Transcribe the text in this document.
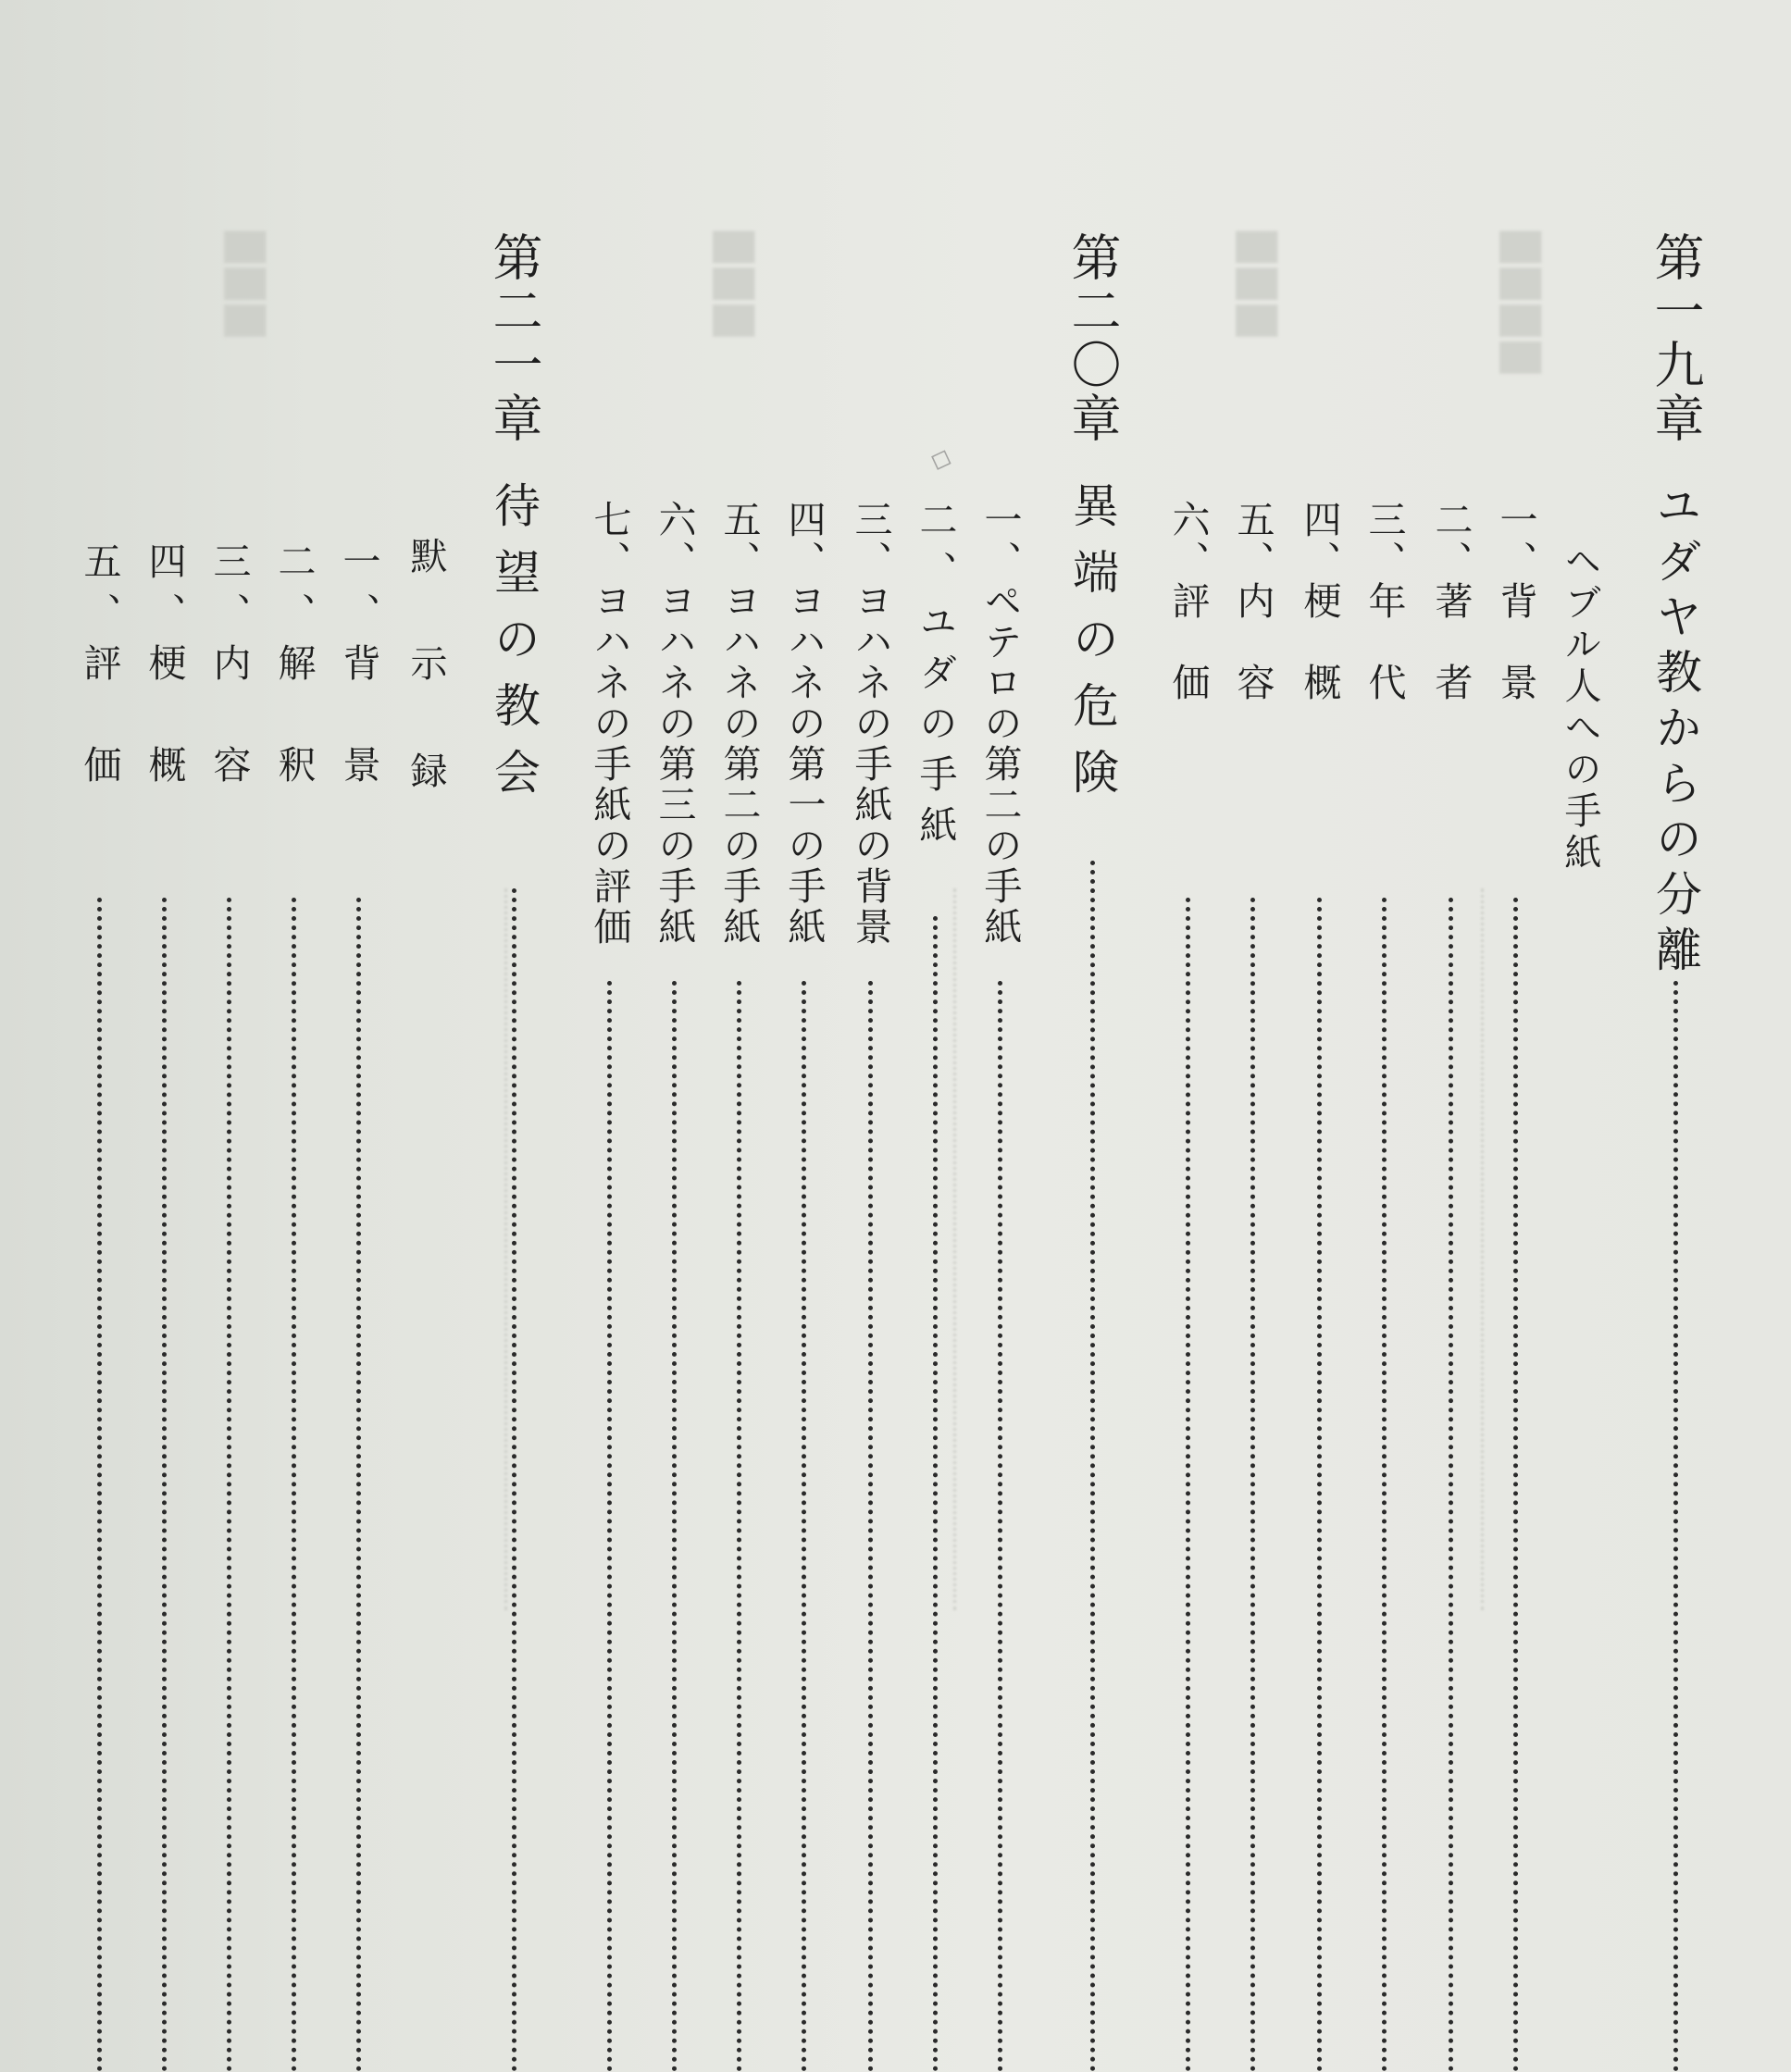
▇▇▇▇
▇▇▇
▇▇▇
▇▇▇	第一九章
ユダヤ教からの分離
ヘブル人への手紙
一、背　景
二、著　者
三、年　代
四、梗　概
五、内　容
六、評　価
第二〇章
異端の危険
一、ペテロの第二の手紙
二、ユダの手紙
三、ヨハネの手紙の背景
四、ヨハネの第一の手紙
五、ヨハネの第二の手紙
六、ヨハネの第三の手紙
七、ヨハネの手紙の評価
第二一章
待望の教会
默　示　録
一、背　景
二、解　釈
三、内　容
四、梗　概
五、評　価
◇
